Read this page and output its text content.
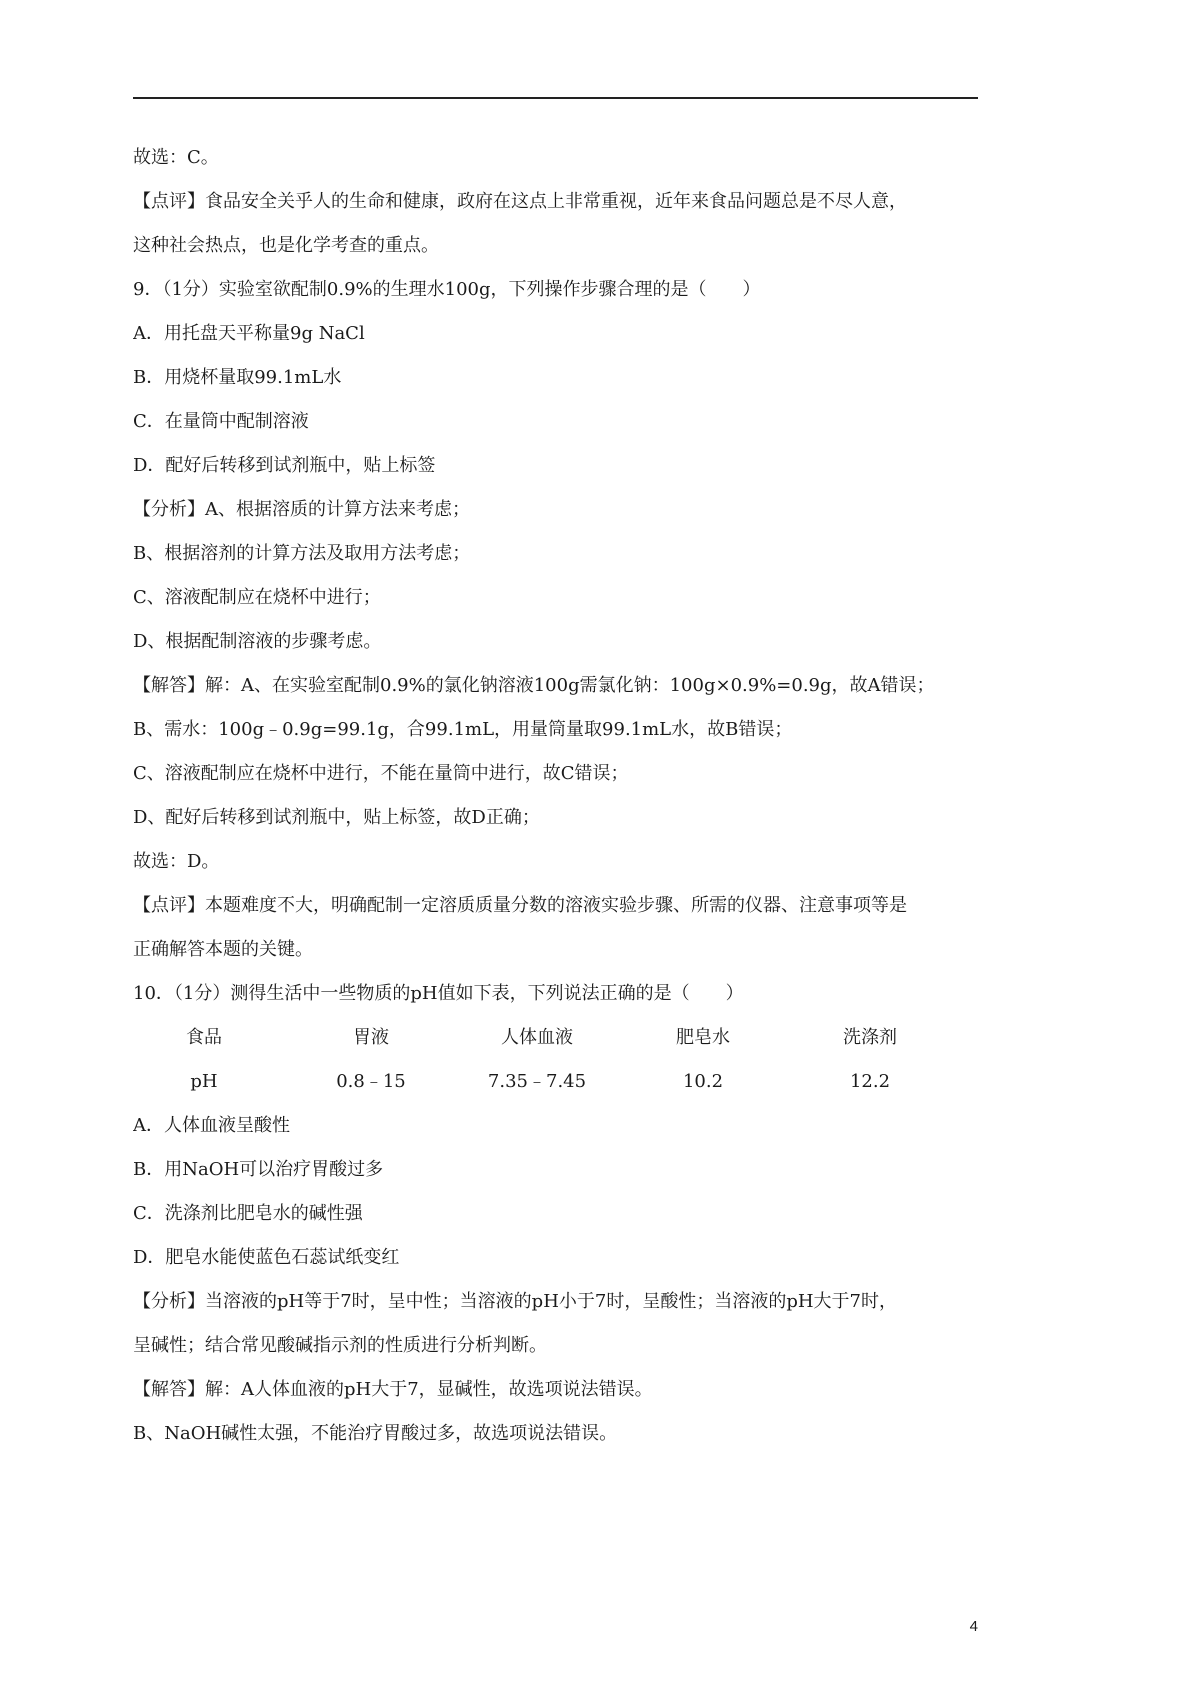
故选：C。
【点评】食品安全关乎人的生命和健康，政府在这点上非常重视，近年来食品问题总是不尽人意，
这种社会热点，也是化学考查的重点。
9．（1分）实验室欲配制0.9%的生理水100g，下列操作步骤合理的是（　　）
A．用托盘天平称量9g NaCl
B．用烧杯量取99.1mL水
C．在量筒中配制溶液
D．配好后转移到试剂瓶中，贴上标签
【分析】A、根据溶质的计算方法来考虑；
B、根据溶剂的计算方法及取用方法考虑；
C、溶液配制应在烧杯中进行；
D、根据配制溶液的步骤考虑。
【解答】解：A、在实验室配制0.9%的氯化钠溶液100g需氯化钠：100g×0.9%=0.9g，故A错误；
B、需水：100g﹣0.9g=99.1g，合99.1mL，用量筒量取99.1mL水，故B错误；
C、溶液配制应在烧杯中进行，不能在量筒中进行，故C错误；
D、配好后转移到试剂瓶中，贴上标签，故D正确；
故选：D。
【点评】本题难度不大，明确配制一定溶质质量分数的溶液实验步骤、所需的仪器、注意事项等是
正确解答本题的关键。
10．（1分）测得生活中一些物质的pH值如下表，下列说法正确的是（　　）
食品	胃液	人体血液	肥皂水	洗涤剂
pH	0.8﹣15	7.35﹣7.45	10.2	12.2
A．人体血液呈酸性
B．用NaOH可以治疗胃酸过多
C．洗涤剂比肥皂水的碱性强
D．肥皂水能使蓝色石蕊试纸变红
【分析】当溶液的pH等于7时，呈中性；当溶液的pH小于7时，呈酸性；当溶液的pH大于7时，
呈碱性；结合常见酸碱指示剂的性质进行分析判断。
【解答】解：A人体血液的pH大于7，显碱性，故选项说法错误。
B、NaOH碱性太强，不能治疗胃酸过多，故选项说法错误。
4
